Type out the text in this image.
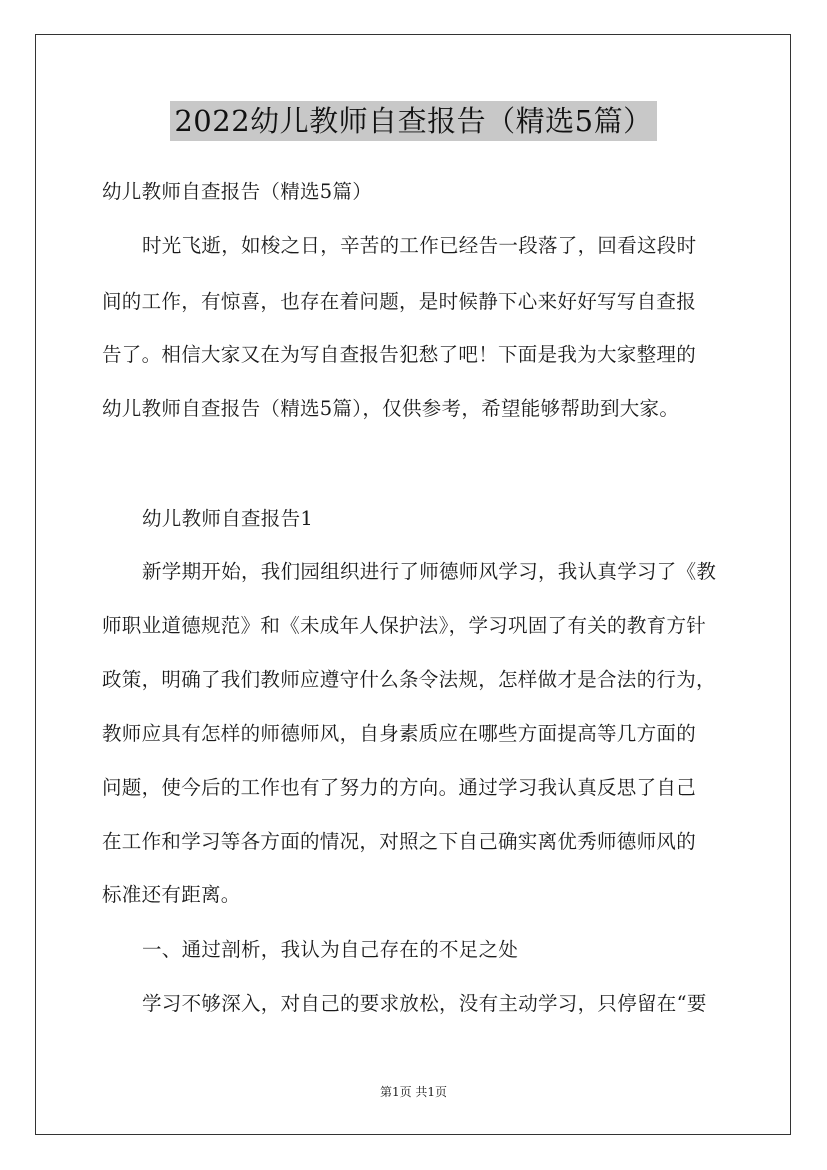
2022幼儿教师自查报告（精选5篇）
幼儿教师自查报告（精选5篇）
时光飞逝，如梭之日，辛苦的工作已经告一段落了，回看这段时
间的工作，有惊喜，也存在着问题，是时候静下心来好好写写自查报
告了。相信大家又在为写自查报告犯愁了吧！下面是我为大家整理的
幼儿教师自查报告（精选5篇），仅供参考，希望能够帮助到大家。
幼儿教师自查报告1
新学期开始，我们园组织进行了师德师风学习，我认真学习了《教
师职业道德规范》和《未成年人保护法》，学习巩固了有关的教育方针
政策，明确了我们教师应遵守什么条令法规，怎样做才是合法的行为，
教师应具有怎样的师德师风，自身素质应在哪些方面提高等几方面的
问题，使今后的工作也有了努力的方向。通过学习我认真反思了自己
在工作和学习等各方面的情况，对照之下自己确实离优秀师德师风的
标准还有距离。
一、通过剖析，我认为自己存在的不足之处
学习不够深入，对自己的要求放松，没有主动学习，只停留在“要
第1页 共1页
